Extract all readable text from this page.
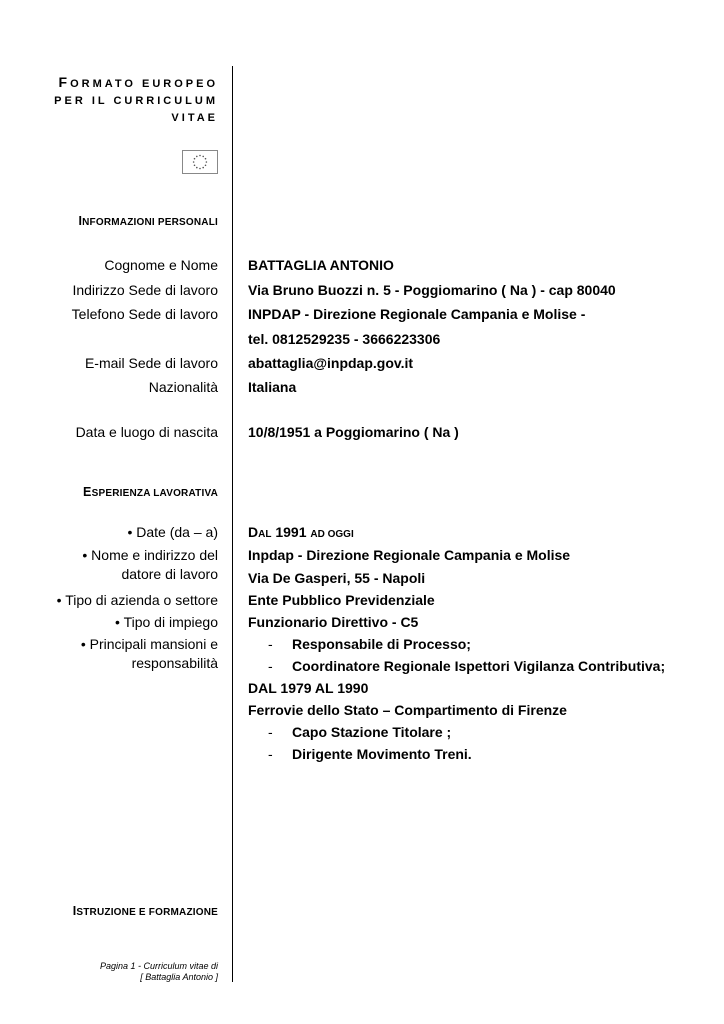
FORMATO EUROPEO
PER IL CURRICULUM
VITAE
INFORMAZIONI PERSONALI
Cognome e Nome BATTAGLIA ANTONIO
Indirizzo Sede di lavoro Via Bruno Buozzi n. 5 - Poggiomarino ( Na ) - cap 80040
Telefono Sede di lavoro INPDAP - Direzione Regionale Campania e Molise -
tel. 0812529235 - 3666223306
E-mail Sede di lavoro abattaglia@inpdap.gov.it
Nazionalità Italiana
Data e luogo di nascita 10/8/1951 a Poggiomarino ( Na )
ESPERIENZA LAVORATIVA
• Date (da – a) DAL 1991 AD OGGI
• Nome e indirizzo del
datore di lavoro
Inpdap - Direzione Regionale Campania e Molise
Via De Gasperi, 55 - Napoli
• Tipo di azienda o settore Ente Pubblico Previdenziale
• Tipo di impiego Funzionario Direttivo - C5
• Principali mansioni e
responsabilità
- Responsabile di Processo;
- Coordinatore Regionale Ispettori Vigilanza Contributiva;
DAL 1979 AL 1990
Ferrovie dello Stato – Compartimento di Firenze
- Capo Stazione Titolare ;
- Dirigente Movimento Treni.
ISTRUZIONE E FORMAZIONE
Pagina 1 - Curriculum vitae di
[ Battaglia Antonio ]
